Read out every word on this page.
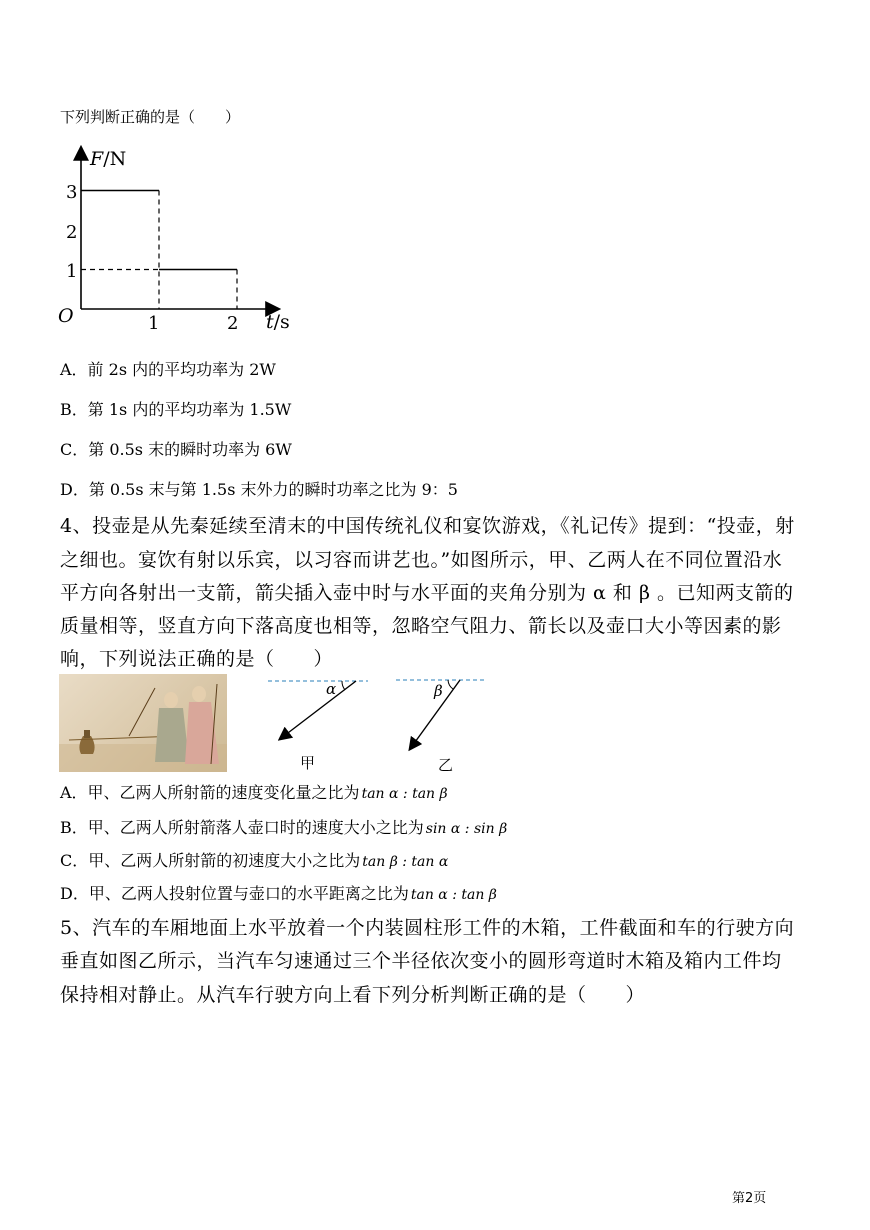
下列判断正确的是（　　）
F/N
t/s
O
3
2
1
1	2
A．前 2s 内的平均功率为 2W
B．第 1s 内的平均功率为 1.5W
C．第 0.5s 末的瞬时功率为 6W
D．第 0.5s 末与第 1.5s 末外力的瞬时功率之比为 9：5
4、投壶是从先秦延续至清末的中国传统礼仪和宴饮游戏，《礼记传》提到：“投壶，射
之细也。宴饮有射以乐宾，以习容而讲艺也。”如图所示，甲、乙两人在不同位置沿水
平方向各射出一支箭，箭尖插入壶中时与水平面的夹角分别为 α 和 β 。已知两支箭的
质量相等，竖直方向下落高度也相等，忽略空气阻力、箭长以及壶口大小等因素的影
响，下列说法正确的是（　　）
α	β
甲	乙
A．甲、乙两人所射箭的速度变化量之比为 tan α : tan β
B．甲、乙两人所射箭落人壶口时的速度大小之比为 sin α : sin β
C．甲、乙两人所射箭的初速度大小之比为 tan β : tan α
D．甲、乙两人投射位置与壶口的水平距离之比为 tan α : tan β
5、汽车的车厢地面上水平放着一个内装圆柱形工件的木箱，工件截面和车的行驶方向
垂直如图乙所示，当汽车匀速通过三个半径依次变小的圆形弯道时木箱及箱内工件均
保持相对静止。从汽车行驶方向上看下列分析判断正确的是（　　）
第2页
